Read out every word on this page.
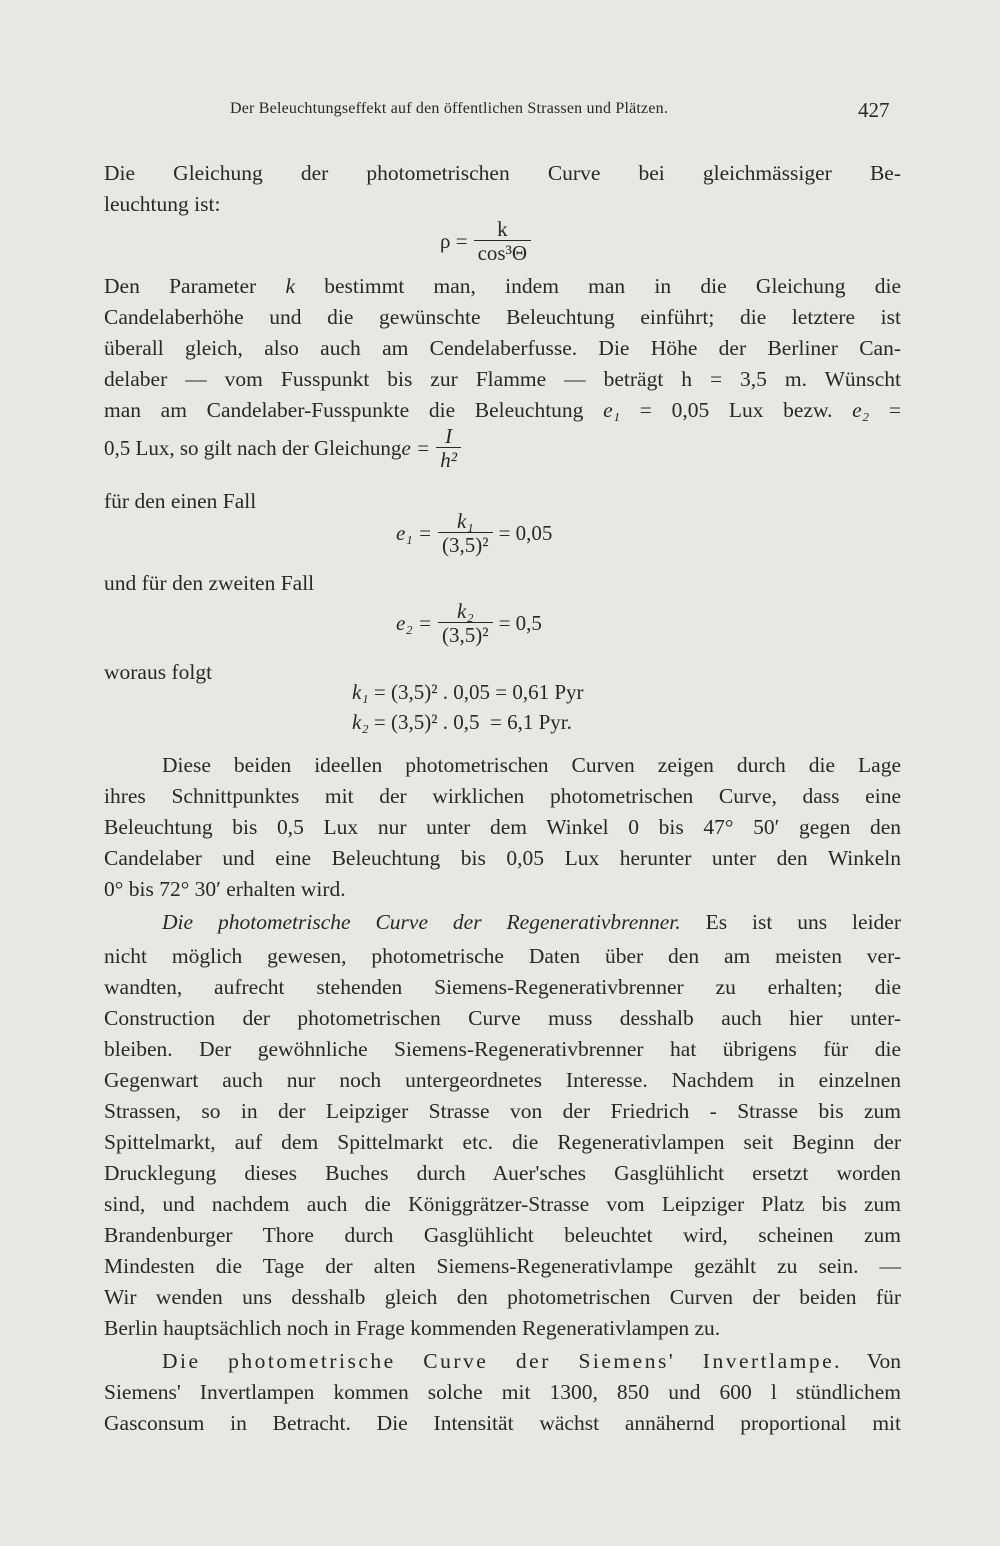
Der Beleuchtungseffekt auf den öffentlichen Strassen und Plätzen.	427
Die Gleichung der photometrischen Curve bei gleichmässiger Be-
leuchtung ist:
$\rho = \frac{k}{\text{cos³Θ}}$
Den Parameter k bestimmt man, indem man in die Gleichung die
Candelaberhöhe und die gewünschte Beleuchtung einführt; die letztere ist
überall gleich, also auch am Cendelaberfusse. Die Höhe der Berliner Can-
delaber — vom Fusspunkt bis zur Flamme — beträgt h = 3,5 m. Wünscht
man am Candelaber-Fusspunkte die Beleuchtung e₁ = 0,05 Lux bezw. e₂ =
0,5 Lux, so gilt nach der Gleichung $e = \frac{I}{\text{h²}}$
für den einen Fall
$e_1 = \frac{\text{k₁}}{\text{(3,5)²}} = 0,05$
und für den zweiten Fall
$e_2 = \frac{\text{k₂}}{\text{(3,5)²}} = 0,5$
woraus folgt
k₁
= (3,5)² . 0,05 = 0,61 Pyr
k₂
= (3,5)² . 0,5  = 6,1 Pyr.
Diese beiden ideellen photometrischen Curven zeigen durch die Lage
ihres Schnittpunktes mit der wirklichen photometrischen Curve, dass eine
Beleuchtung bis 0,5 Lux nur unter dem Winkel 0 bis 47° 50′ gegen den
Candelaber und eine Beleuchtung bis 0,05 Lux herunter unter den Winkeln
0° bis 72° 30′ erhalten wird.
Die photometrische Curve der Regenerativbrenner. Es ist uns leider
nicht möglich gewesen, photometrische Daten über den am meisten ver-
wandten, aufrecht stehenden Siemens-Regenerativbrenner zu erhalten; die
Construction der photometrischen Curve muss desshalb auch hier unter-
bleiben. Der gewöhnliche Siemens-Regenerativbrenner hat übrigens für die
Gegenwart auch nur noch untergeordnetes Interesse. Nachdem in einzelnen
Strassen, so in der Leipziger Strasse von der Friedrich - Strasse bis zum
Spittelmarkt, auf dem Spittelmarkt etc. die Regenerativlampen seit Beginn der
Drucklegung dieses Buches durch Auer'sches Gasglühlicht ersetzt worden
sind, und nachdem auch die Königgrätzer-Strasse vom Leipziger Platz bis zum
Brandenburger Thore durch Gasglühlicht beleuchtet wird, scheinen zum
Mindesten die Tage der alten Siemens-Regenerativlampe gezählt zu sein. —
Wir wenden uns desshalb gleich den photometrischen Curven der beiden für
Berlin hauptsächlich noch in Frage kommenden Regenerativlampen zu.
Die photometrische Curve der Siemens' Invertlampe. Von
Siemens' Invertlampen kommen solche mit 1300, 850 und 600 l stündlichem
Gasconsum in Betracht. Die Intensität wächst annähernd proportional mit
